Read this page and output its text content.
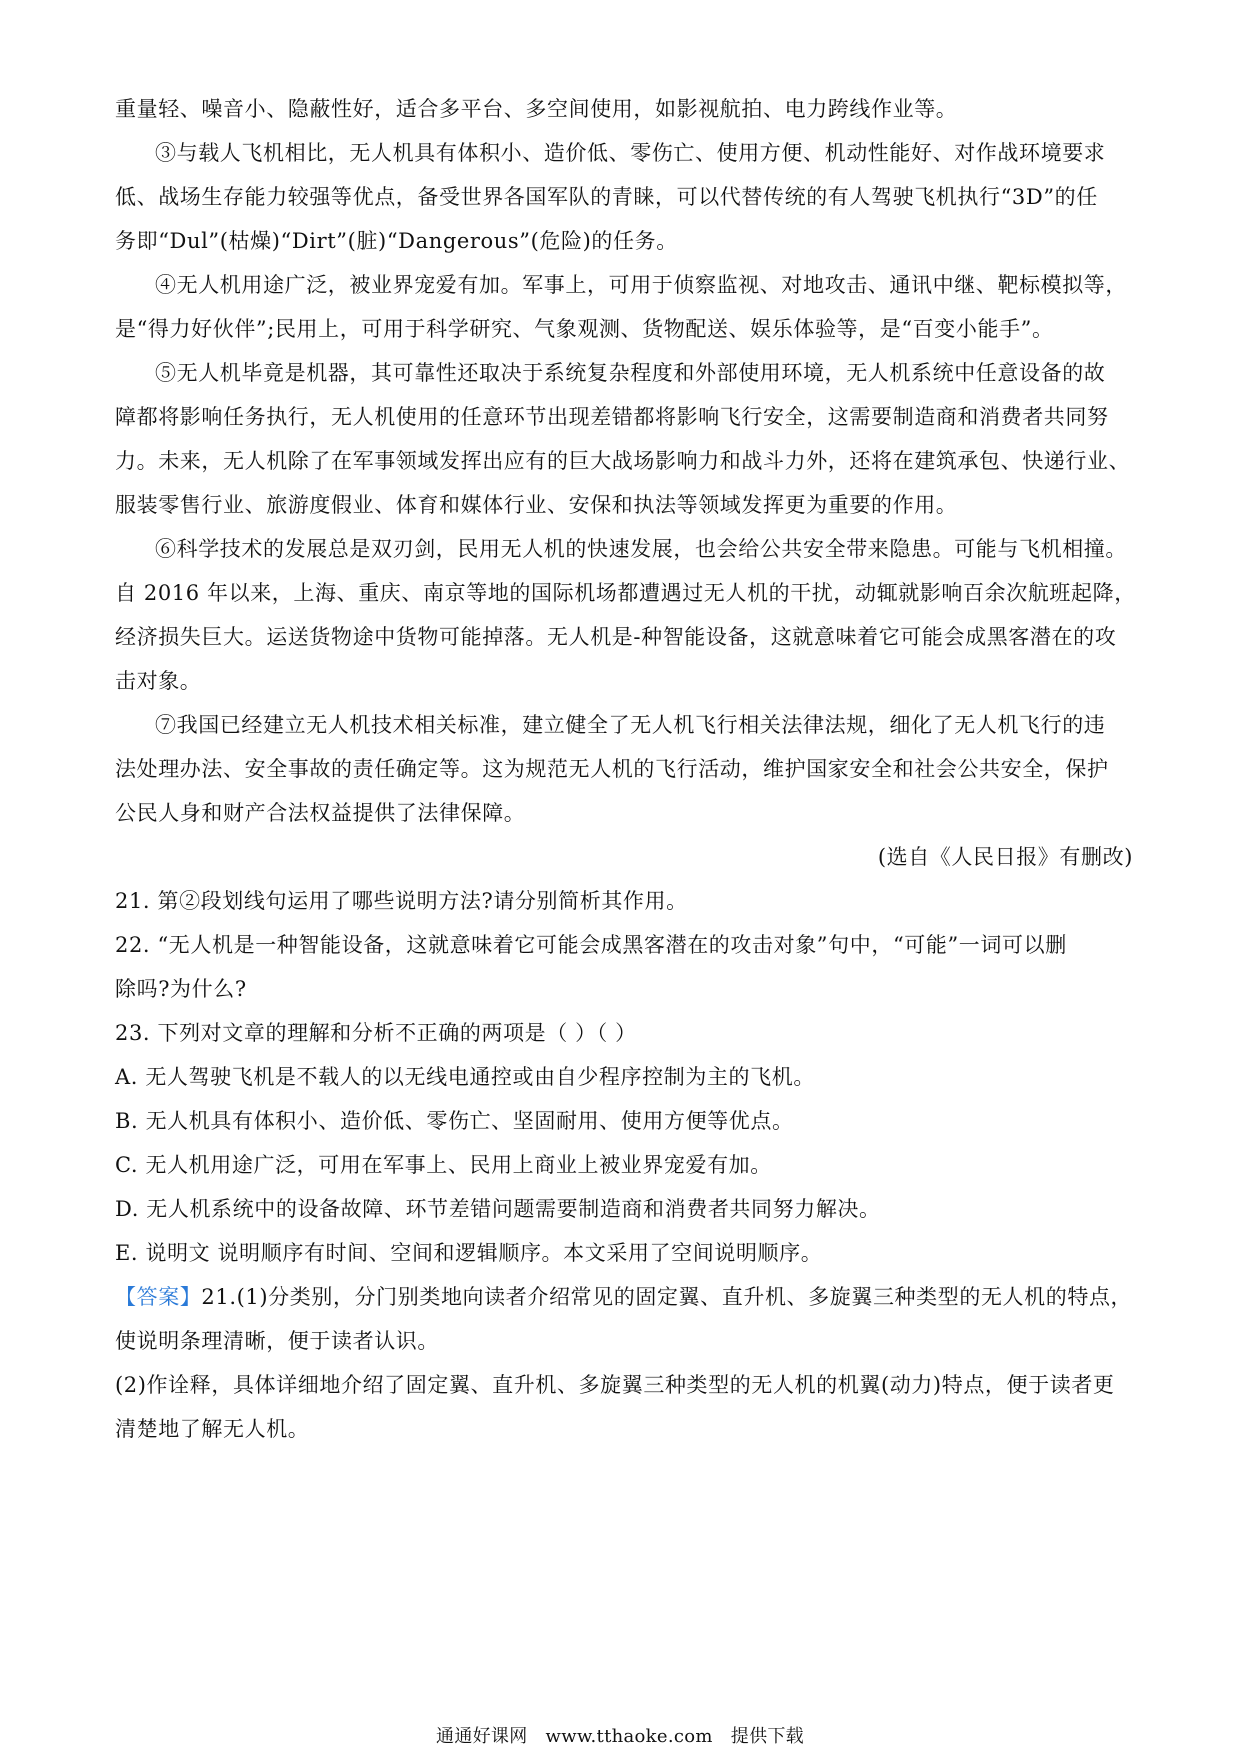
重量轻、噪音小、隐蔽性好，适合多平台、多空间使用，如影视航拍、电力跨线作业等。
③与载人飞机相比，无人机具有体积小、造价低、零伤亡、使用方便、机动性能好、对作战环境要求
低、战场生存能力较强等优点，备受世界各国军队的青睐，可以代替传统的有人驾驶飞机执行“3D”的任
务即“Dul”(枯燥)“Dirt”(脏)“Dangerous”(危险)的任务。
④无人机用途广泛，被业界宠爱有加。军事上，可用于侦察监视、对地攻击、通讯中继、靶标模拟等，
是“得力好伙伴”;民用上，可用于科学研究、气象观测、货物配送、娱乐体验等，是“百变小能手”。
⑤无人机毕竟是机器，其可靠性还取决于系统复杂程度和外部使用环境，无人机系统中任意设备的故
障都将影响任务执行，无人机使用的任意环节出现差错都将影响飞行安全，这需要制造商和消费者共同努
力。未来，无人机除了在军事领域发挥出应有的巨大战场影响力和战斗力外，还将在建筑承包、快递行业、
服装零售行业、旅游度假业、体育和媒体行业、安保和执法等领域发挥更为重要的作用。
⑥科学技术的发展总是双刃剑，民用无人机的快速发展，也会给公共安全带来隐患。可能与飞机相撞。
自 2016 年以来，上海、重庆、南京等地的国际机场都遭遇过无人机的干扰，动辄就影响百余次航班起降，
经济损失巨大。运送货物途中货物可能掉落。无人机是-种智能设备，这就意味着它可能会成黑客潜在的攻
击对象。
⑦我国已经建立无人机技术相关标准，建立健全了无人机飞行相关法律法规，细化了无人机飞行的违
法处理办法、安全事故的责任确定等。这为规范无人机的飞行活动，维护国家安全和社会公共安全，保护
公民人身和财产合法权益提供了法律保障。
(选自《人民日报》有删改)
21. 第②段划线句运用了哪些说明方法?请分别简析其作用。
22. “无人机是一种智能设备，这就意味着它可能会成黑客潜在的攻击对象”句中，“可能”一词可以删
除吗?为什么?
23. 下列对文章的理解和分析不正确的两项是（ ）（ ）
A. 无人驾驶飞机是不载人的以无线电通控或由自少程序控制为主的飞机。
B. 无人机具有体积小、造价低、零伤亡、坚固耐用、使用方便等优点。
C. 无人机用途广泛，可用在军事上、民用上商业上被业界宠爱有加。
D. 无人机系统中的设备故障、环节差错问题需要制造商和消费者共同努力解决。
E. 说明文 说明顺序有时间、空间和逻辑顺序。本文采用了空间说明顺序。
【答案】21.(1)分类别，分门别类地向读者介绍常见的固定翼、直升机、多旋翼三种类型的无人机的特点，
使说明条理清晰，便于读者认识。
(2)作诠释，具体详细地介绍了固定翼、直升机、多旋翼三种类型的无人机的机翼(动力)特点，便于读者更
清楚地了解无人机。
通通好课网 www.tthaoke.com 提供下载
